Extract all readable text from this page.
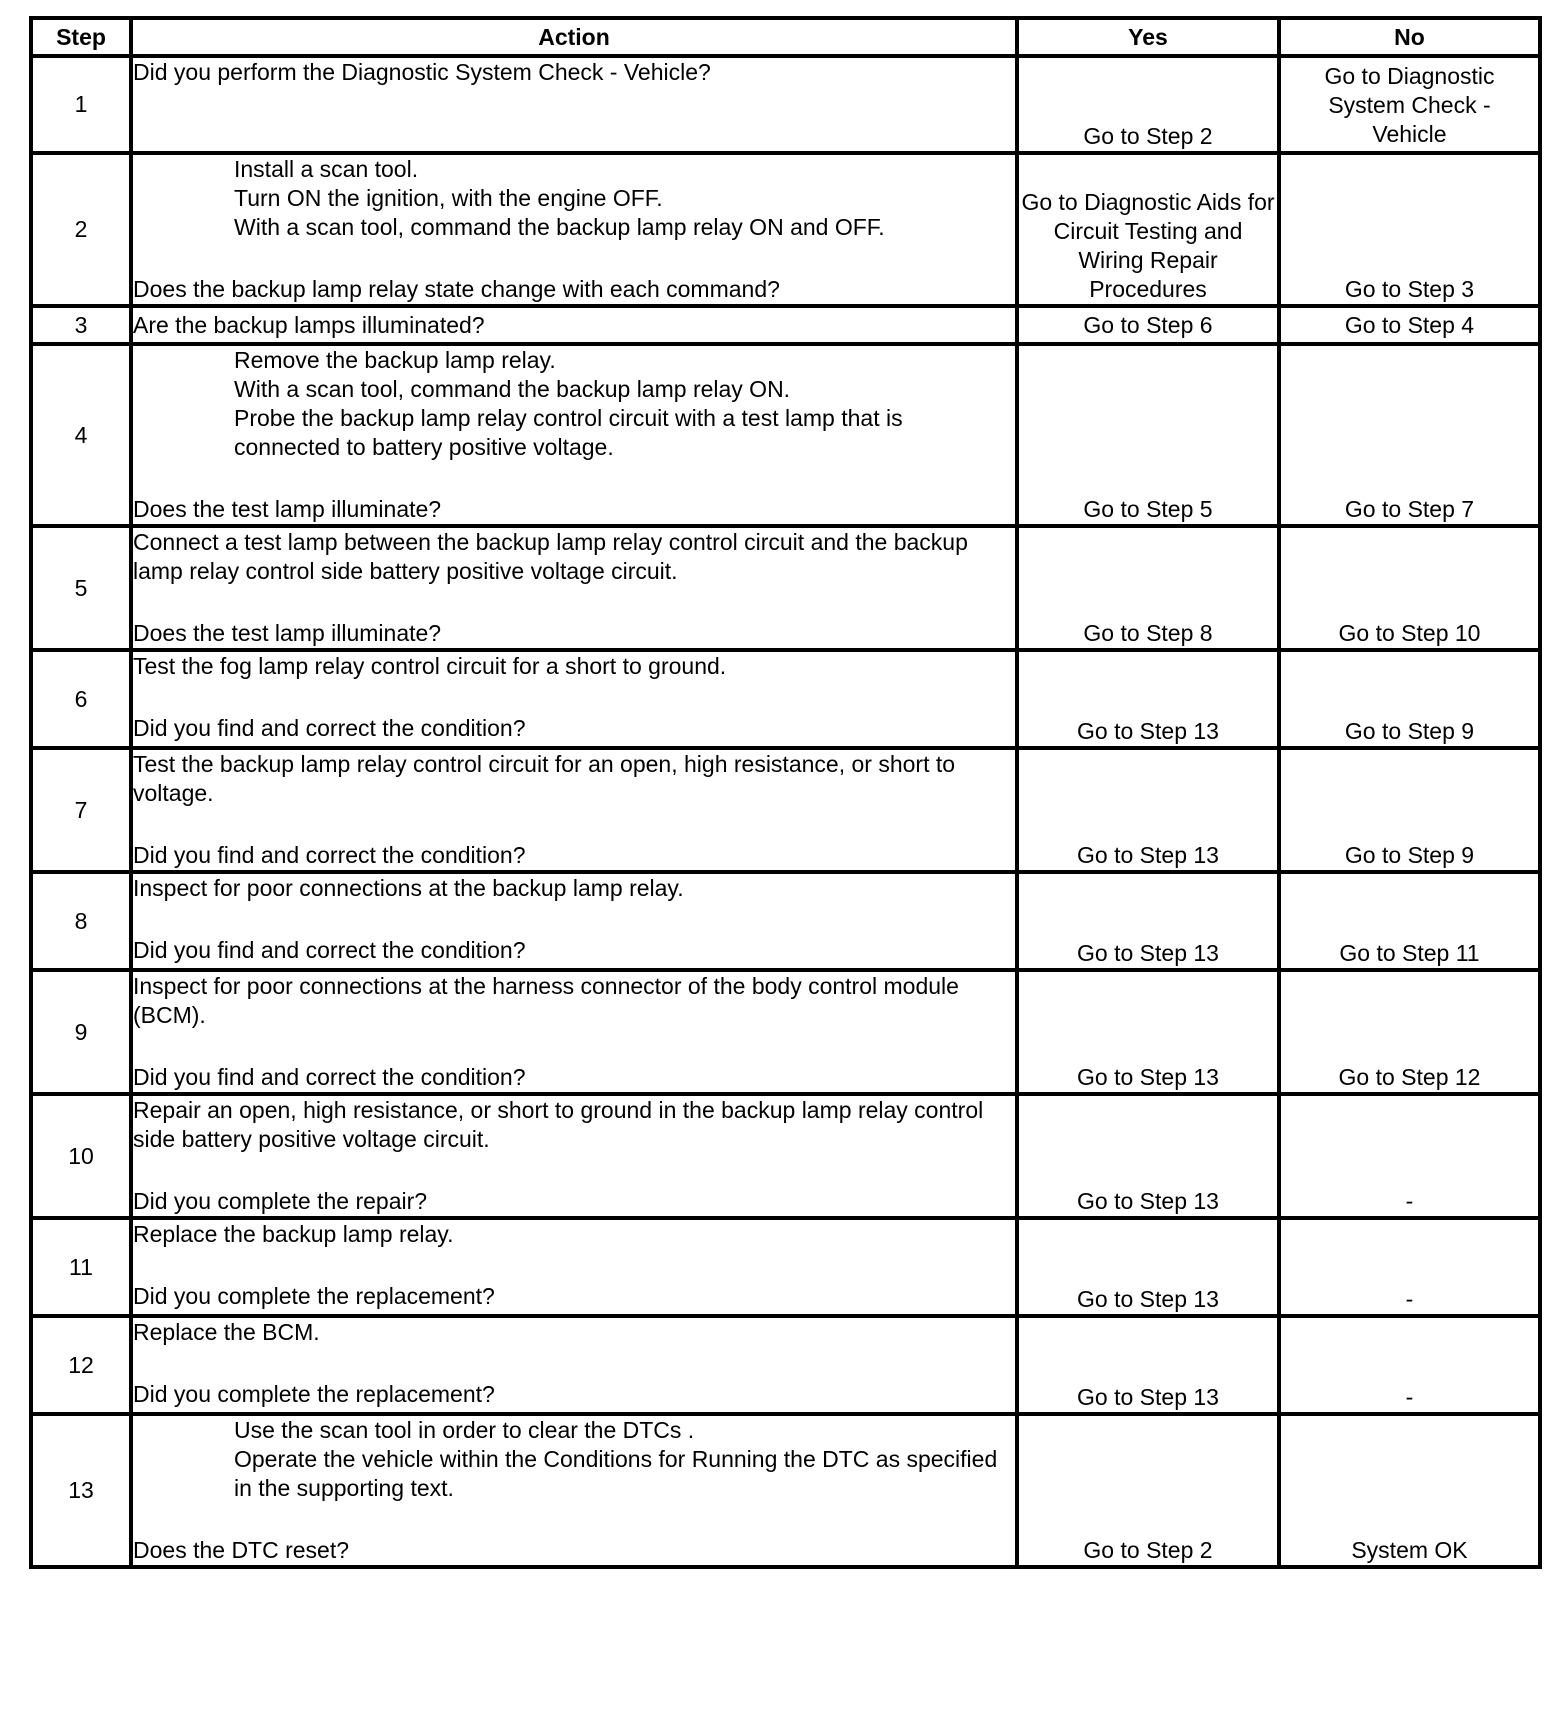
Step	Action	Yes	No
1	Did you perform the Diagnostic System Check - Vehicle?	Go to Step 2	Go to Diagnostic System Check - Vehicle
2	Install a scan tool.
Turn ON the ignition, with the engine OFF.
With a scan tool, command the backup lamp relay ON and OFF.
Does the backup lamp relay state change with each command?	Go to Diagnostic Aids for Circuit Testing and Wiring Repair Procedures	Go to Step 3
3	Are the backup lamps illuminated?	Go to Step 6	Go to Step 4
4	Remove the backup lamp relay.
With a scan tool, command the backup lamp relay ON.
Probe the backup lamp relay control circuit with a test lamp that is connected to battery positive voltage.
Does the test lamp illuminate?	Go to Step 5	Go to Step 7
5	Connect a test lamp between the backup lamp relay control circuit and the backup lamp relay control side battery positive voltage circuit.
Does the test lamp illuminate?	Go to Step 8	Go to Step 10
6	Test the fog lamp relay control circuit for a short to ground.
Did you find and correct the condition?	Go to Step 13	Go to Step 9
7	Test the backup lamp relay control circuit for an open, high resistance, or short to voltage.
Did you find and correct the condition?	Go to Step 13	Go to Step 9
8	Inspect for poor connections at the backup lamp relay.
Did you find and correct the condition?	Go to Step 13	Go to Step 11
9	Inspect for poor connections at the harness connector of the body control module (BCM).
Did you find and correct the condition?	Go to Step 13	Go to Step 12
10	Repair an open, high resistance, or short to ground in the backup lamp relay control side battery positive voltage circuit.
Did you complete the repair?	Go to Step 13	-
11	Replace the backup lamp relay.
Did you complete the replacement?	Go to Step 13	-
12	Replace the BCM.
Did you complete the replacement?	Go to Step 13	-
13	Use the scan tool in order to clear the DTCs .
Operate the vehicle within the Conditions for Running the DTC as specified in the supporting text.
Does the DTC reset?	Go to Step 2	System OK
